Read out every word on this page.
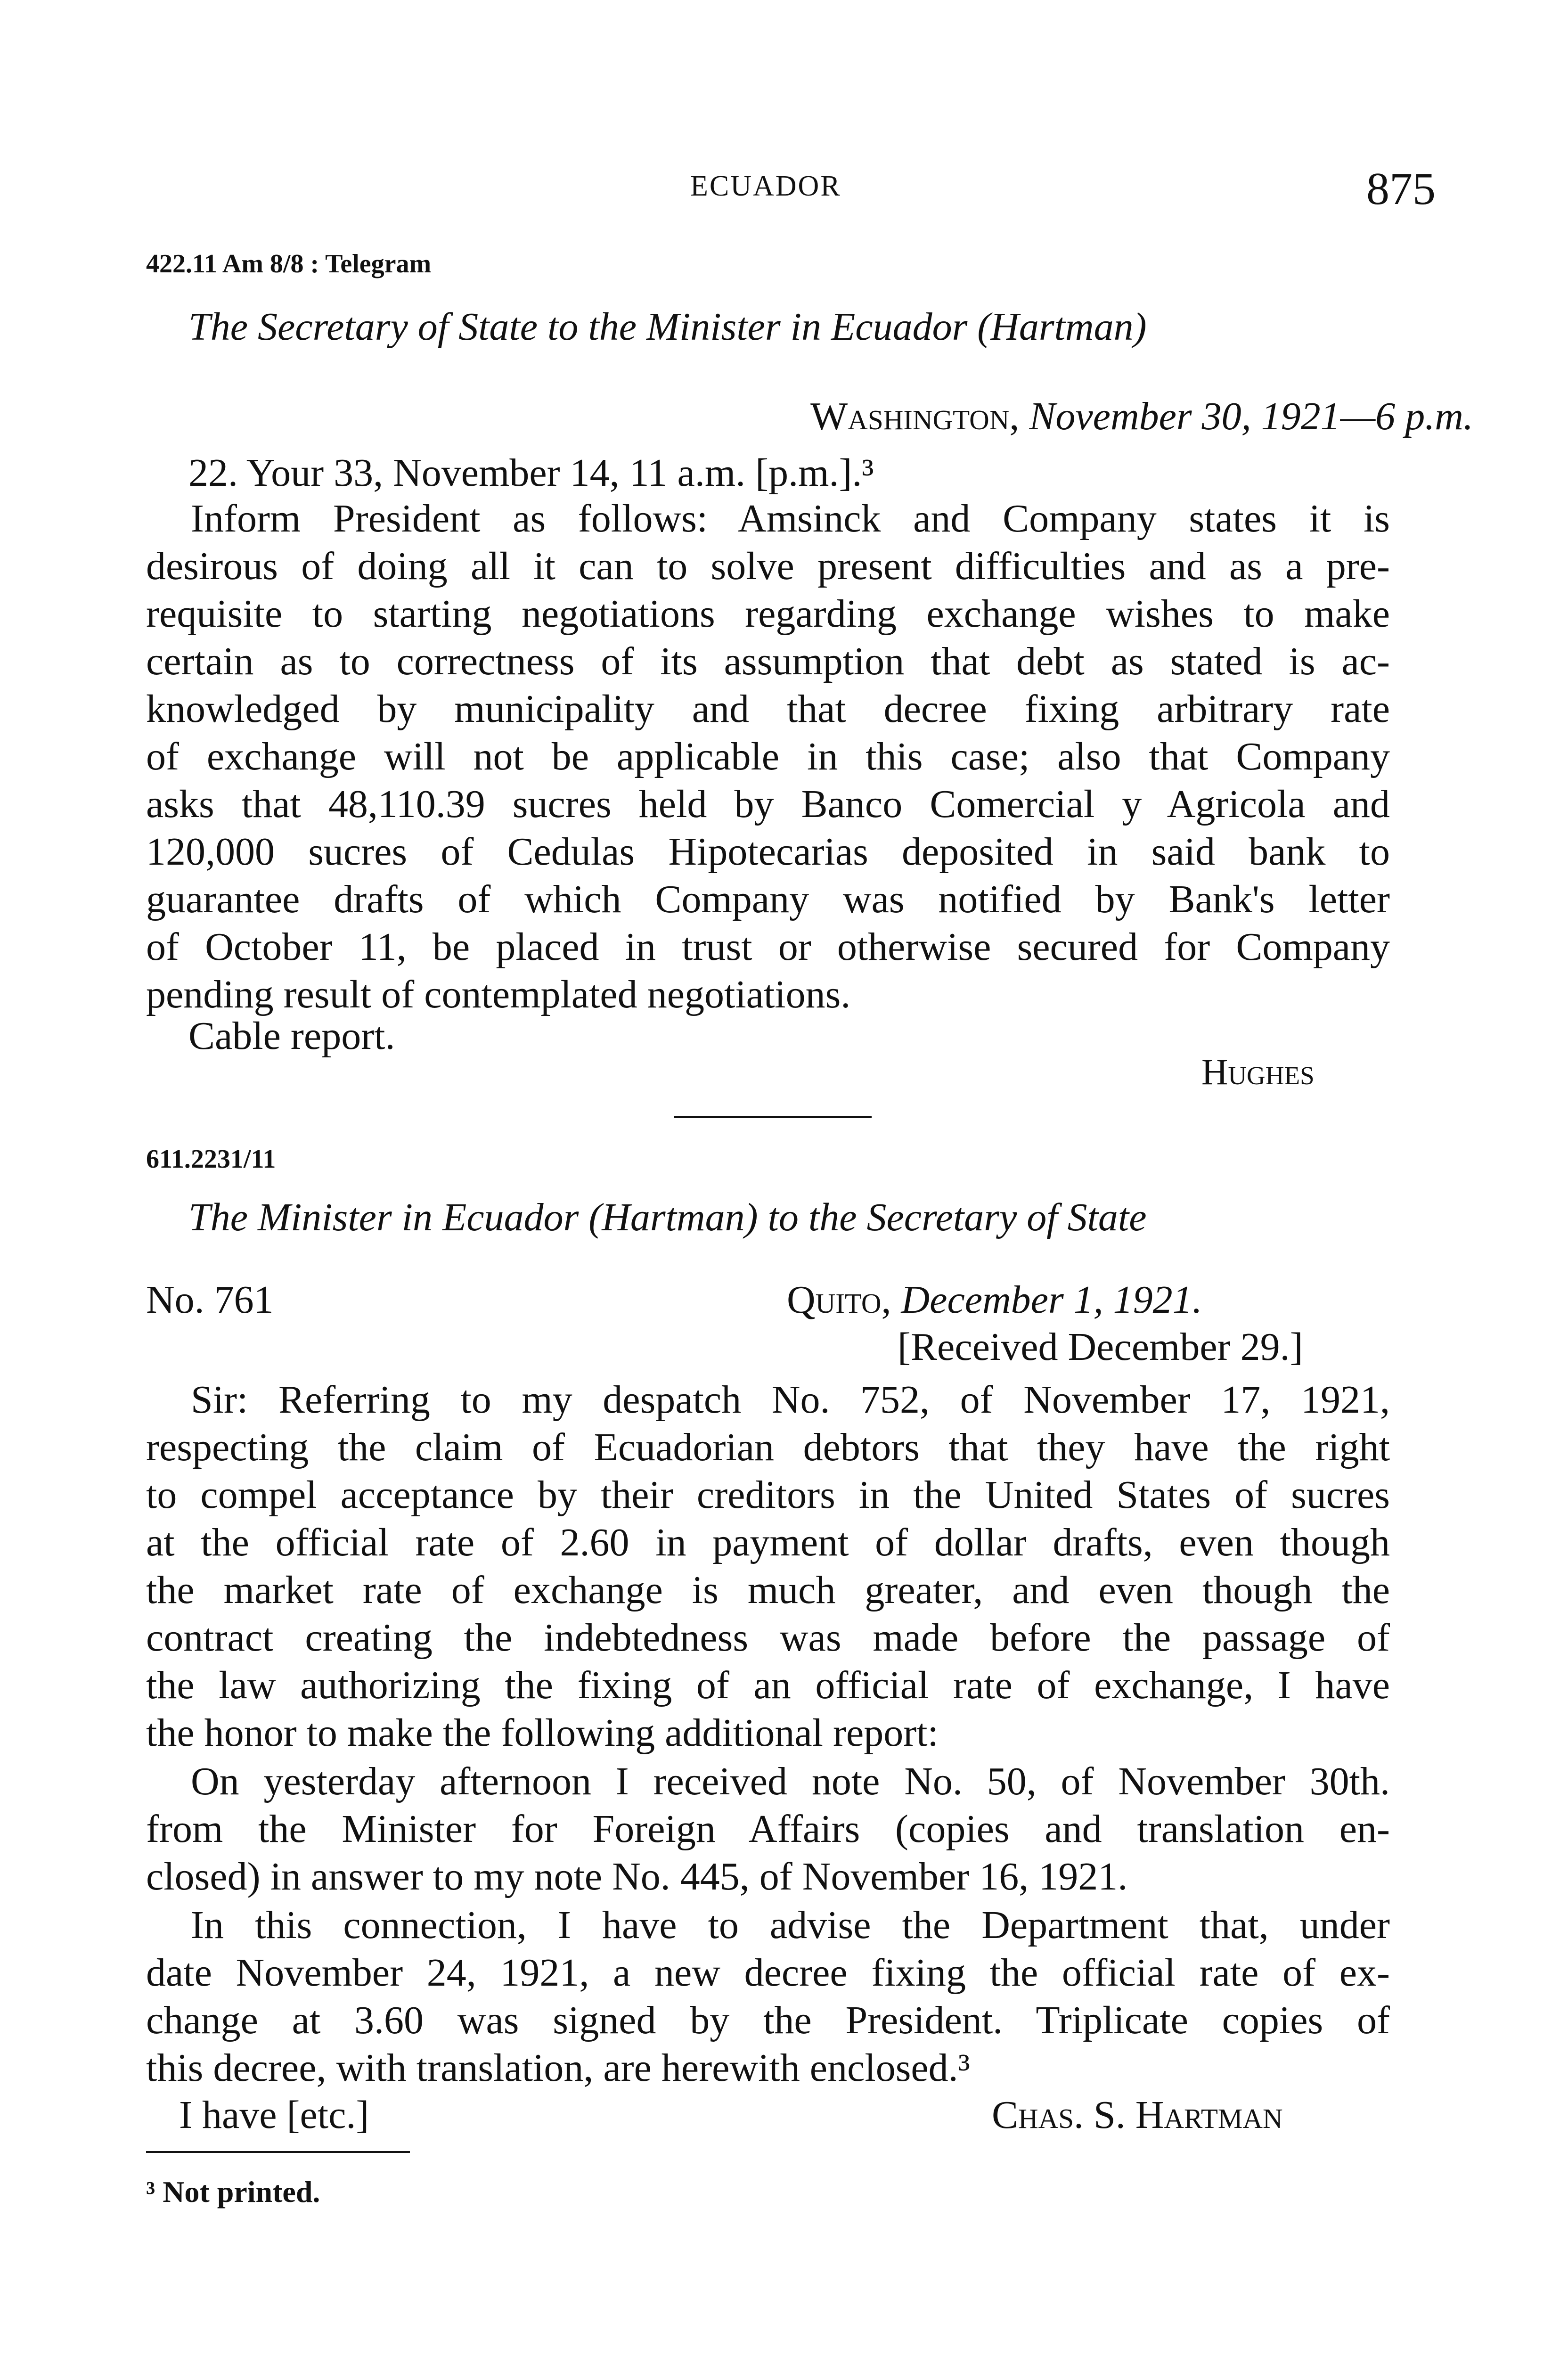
ECUADOR	875
422.11 Am 8/8 : Telegram
The Secretary of State to the Minister in Ecuador (Hartman)
Washington, November 30, 1921—6 p.m.
22. Your 33, November 14, 11 a.m. [p.m.].³
Inform President as follows: Amsinck and Company states it is
desirous of doing all it can to solve present difficulties and as a pre-
requisite to starting negotiations regarding exchange wishes to make
certain as to correctness of its assumption that debt as stated is ac-
knowledged by municipality and that decree fixing arbitrary rate
of exchange will not be applicable in this case; also that Company
asks that 48,110.39 sucres held by Banco Comercial y Agricola and
120,000 sucres of Cedulas Hipotecarias deposited in said bank to
guarantee drafts of which Company was notified by Bank's letter
of October 11, be placed in trust or otherwise secured for Company
pending result of contemplated negotiations.
Cable report.
Hughes
611.2231/11
The Minister in Ecuador (Hartman) to the Secretary of State
No. 761	Quito, December 1, 1921.
[Received December 29.]
Sir: Referring to my despatch No. 752, of November 17, 1921,
respecting the claim of Ecuadorian debtors that they have the right
to compel acceptance by their creditors in the United States of sucres
at the official rate of 2.60 in payment of dollar drafts, even though
the market rate of exchange is much greater, and even though the
contract creating the indebtedness was made before the passage of
the law authorizing the fixing of an official rate of exchange, I have
the honor to make the following additional report:
On yesterday afternoon I received note No. 50, of November 30th.
from the Minister for Foreign Affairs (copies and translation en-
closed) in answer to my note No. 445, of November 16, 1921.
In this connection, I have to advise the Department that, under
date November 24, 1921, a new decree fixing the official rate of ex-
change at 3.60 was signed by the President. Triplicate copies of
this decree, with translation, are herewith enclosed.³
I have [etc.]	Chas. S. Hartman
³ Not printed.
